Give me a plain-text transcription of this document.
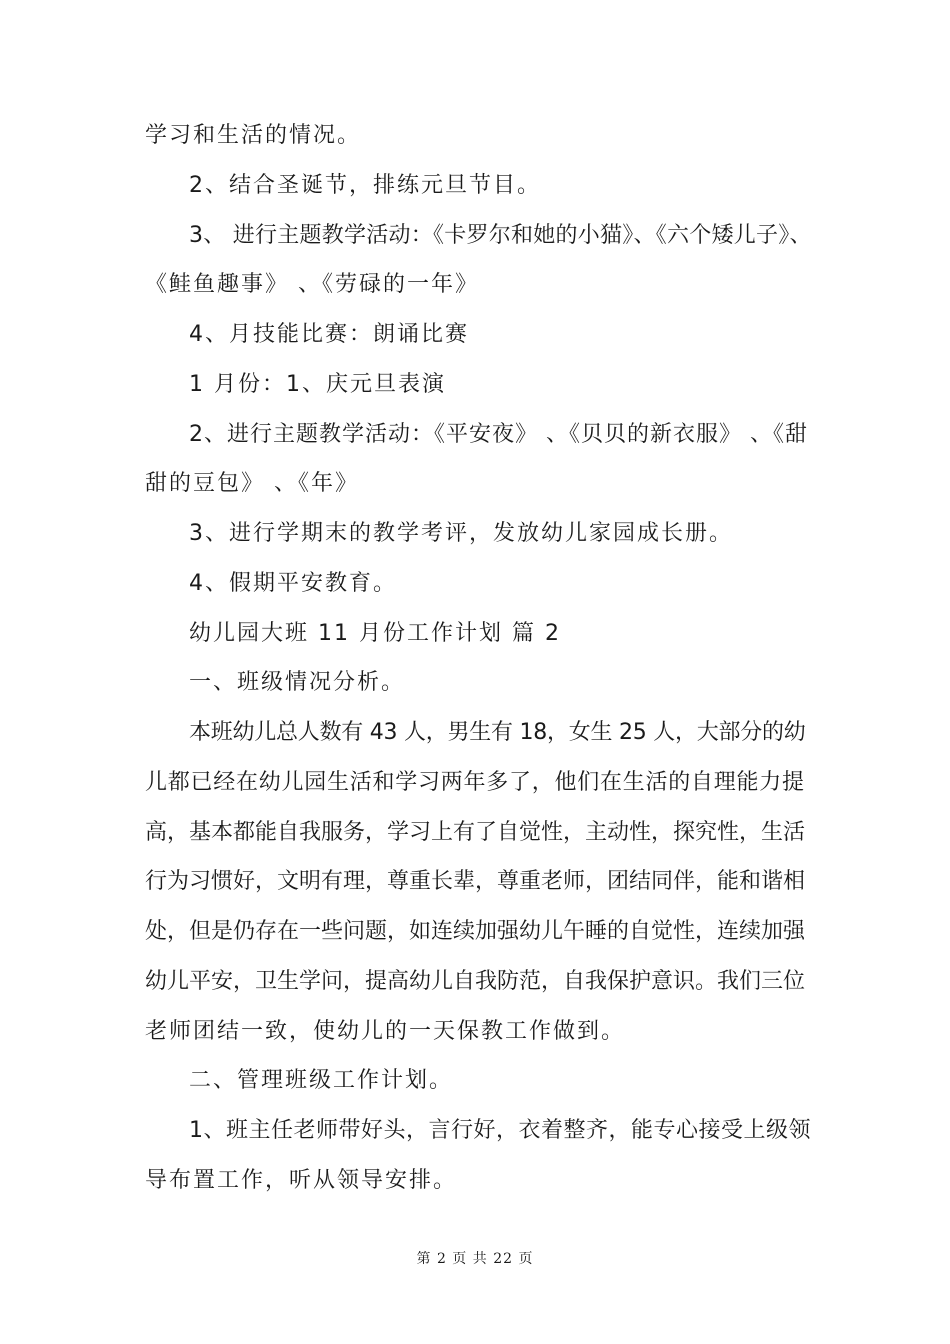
学习和生活的情况。
2、结合圣诞节，排练元旦节目。
3、 进行主题教学活动：《卡罗尔和她的小猫》、《六个矮儿子》、
《鲑鱼趣事》 、《劳碌的一年》
4、月技能比赛：朗诵比赛
1 月份：1、庆元旦表演
2、进行主题教学活动：《平安夜》 、《贝贝的新衣服》 、《甜
甜的豆包》 、《年》
3、进行学期末的教学考评，发放幼儿家园成长册。
4、假期平安教育。
幼儿园大班 11 月份工作计划 篇 2
一、班级情况分析。
本班幼儿总人数有 43 人，男生有 18，女生 25 人，大部分的幼
儿都已经在幼儿园生活和学习两年多了，他们在生活的自理能力提
高，基本都能自我服务，学习上有了自觉性，主动性，探究性，生活
行为习惯好，文明有理，尊重长辈，尊重老师，团结同伴，能和谐相
处，但是仍存在一些问题，如连续加强幼儿午睡的自觉性，连续加强
幼儿平安，卫生学问，提高幼儿自我防范，自我保护意识。我们三位
老师团结一致，使幼儿的一天保教工作做到。
二、管理班级工作计划。
1、班主任老师带好头，言行好，衣着整齐，能专心接受上级领
导布置工作，听从领导安排。
第 2 页 共 22 页
